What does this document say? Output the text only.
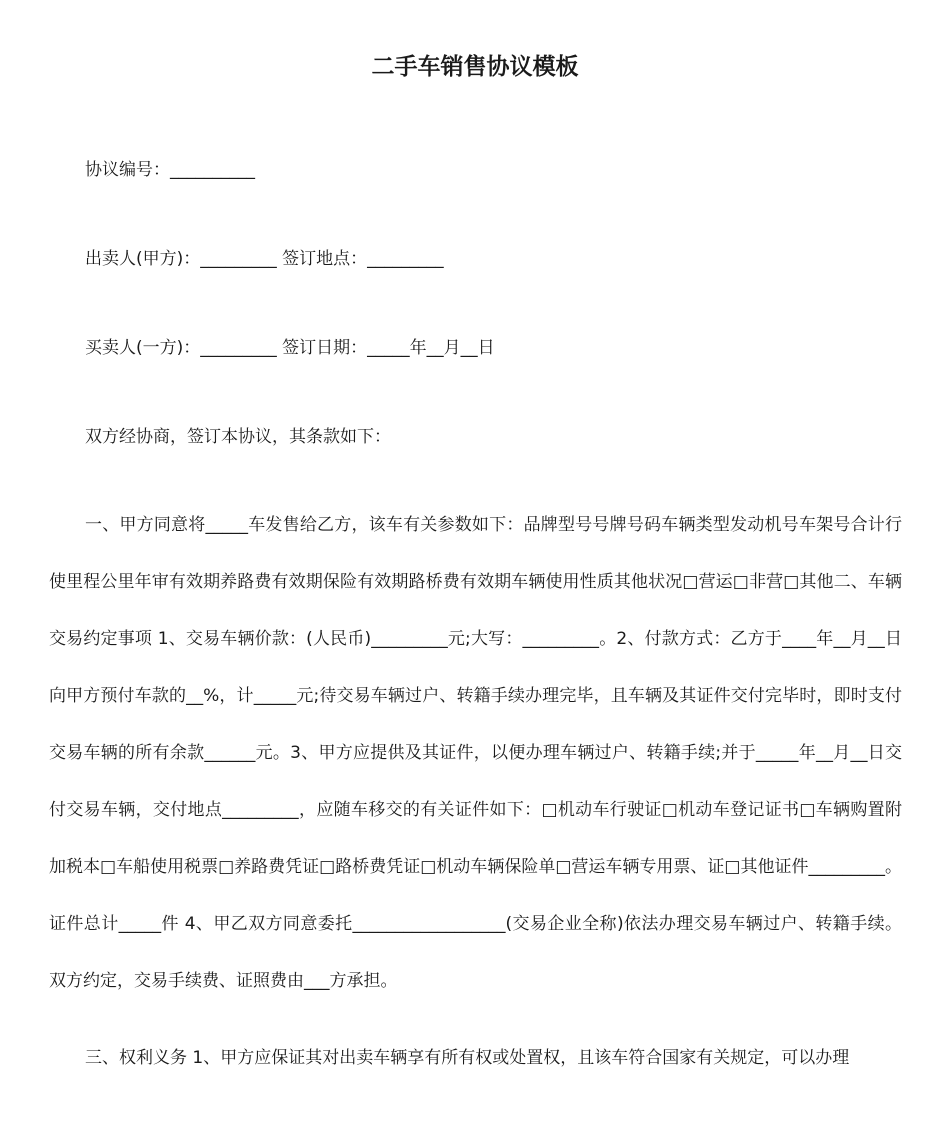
二手车销售协议模板

协议编号：__________

出卖人(甲方)：_________ 签订地点：_________

买卖人(一方)：_________ 签订日期：_____年__月__日

双方经协商，签订本协议，其条款如下：

一、甲方同意将_____车发售给乙方，该车有关参数如下：品牌型号号牌号码车辆类型发动机号车架号合计行使里程公里年审有效期养路费有效期保险有效期路桥费有效期车辆使用性质其他状况□营运□非营□其他二、车辆交易约定事项 1、交易车辆价款：(人民币)_________元;大写：_________。2、付款方式：乙方于____年__月__日向甲方预付车款的__%，计_____元;待交易车辆过户、转籍手续办理完毕，且车辆及其证件交付完毕时，即时支付交易车辆的所有余款______元。3、甲方应提供及其证件，以便办理车辆过户、转籍手续;并于_____年__月__日交付交易车辆，交付地点_________，应随车移交的有关证件如下：□机动车行驶证□机动车登记证书□车辆购置附加税本□车船使用税票□养路费凭证□路桥费凭证□机动车辆保险单□营运车辆专用票、证□其他证件_________。证件总计_____件 4、甲乙双方同意委托__________________(交易企业全称)依法办理交易车辆过户、转籍手续。双方约定，交易手续费、证照费由___方承担。

三、权利义务 1、甲方应保证其对出卖车辆享有所有权或处置权，且该车符合国家有关规定，可以办理
